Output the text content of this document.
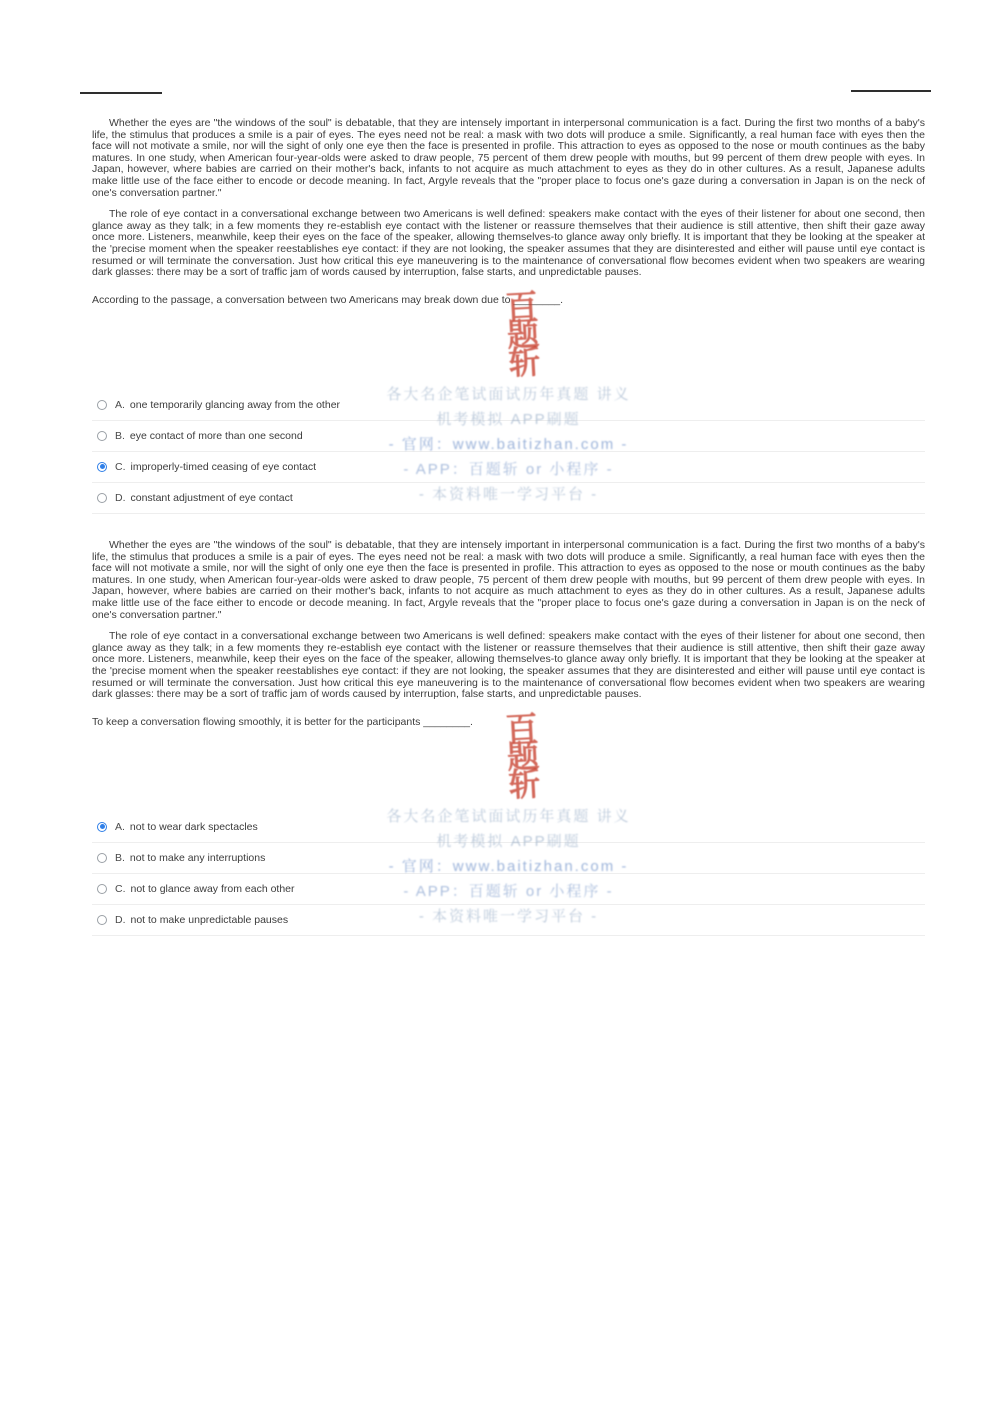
百题斩
各大名企笔试面试历年真题 讲义
机考模拟 APP刷题
- 官网：www.baitizhan.com -
- APP：百题斩 or 小程序 -
- 本资料唯一学习平台 -

Whether the eyes are "the windows of the soul" is debatable, that they are intensely important in interpersonal communication is a fact. During the first two months of a baby's life, the stimulus that produces a smile is a pair of eyes. The eyes need not be real: a mask with two dots will produce a smile. Significantly, a real human face with eyes then the face will not motivate a smile, nor will the sight of only one eye then the face is presented in profile. This attraction to eyes as opposed to the nose or mouth continues as the baby matures. In one study, when American four-year-olds were asked to draw people, 75 percent of them drew people with mouths, but 99 percent of them drew people with eyes. In Japan, however, where babies are carried on their mother's back, infants to not acquire as much attachment to eyes as they do in other cultures. As a result, Japanese adults make little use of the face either to encode or decode meaning. In fact, Argyle reveals that the "proper place to focus one's gaze during a conversation in Japan is on the neck of one's conversation partner."

The role of eye contact in a conversational exchange between two Americans is well defined: speakers make contact with the eyes of their listener for about one second, then glance away as they talk; in a few moments they re-establish eye contact with the listener or reassure themselves that their audience is still attentive, then shift their gaze away once more. Listeners, meanwhile, keep their eyes on the face of the speaker, allowing themselves-to glance away only briefly. It is important that they be looking at the speaker at the 'precise moment when the speaker reestablishes eye contact: if they are not looking, the speaker assumes that they are disinterested and either will pause until eye contact is resumed or will terminate the conversation. Just how critical this eye maneuvering is to the maintenance of conversational flow becomes evident when two speakers are wearing dark glasses: there may be a sort of traffic jam of words caused by interruption, false starts, and unpredictable pauses.

According to the passage, a conversation between two Americans may break down due to ________.

A. one temporarily glancing away from the other
B. eye contact of more than one second
C. improperly-timed ceasing of eye contact
D. constant adjustment of eye contact
百题斩
各大名企笔试面试历年真题 讲义
机考模拟 APP刷题
- 官网：www.baitizhan.com -
- APP：百题斩 or 小程序 -
- 本资料唯一学习平台 -

Whether the eyes are "the windows of the soul" is debatable, that they are intensely important in interpersonal communication is a fact. During the first two months of a baby's life, the stimulus that produces a smile is a pair of eyes. The eyes need not be real: a mask with two dots will produce a smile. Significantly, a real human face with eyes then the face will not motivate a smile, nor will the sight of only one eye then the face is presented in profile. This attraction to eyes as opposed to the nose or mouth continues as the baby matures. In one study, when American four-year-olds were asked to draw people, 75 percent of them drew people with mouths, but 99 percent of them drew people with eyes. In Japan, however, where babies are carried on their mother's back, infants to not acquire as much attachment to eyes as they do in other cultures. As a result, Japanese adults make little use of the face either to encode or decode meaning. In fact, Argyle reveals that the "proper place to focus one's gaze during a conversation in Japan is on the neck of one's conversation partner."

The role of eye contact in a conversational exchange between two Americans is well defined: speakers make contact with the eyes of their listener for about one second, then glance away as they talk; in a few moments they re-establish eye contact with the listener or reassure themselves that their audience is still attentive, then shift their gaze away once more. Listeners, meanwhile, keep their eyes on the face of the speaker, allowing themselves-to glance away only briefly. It is important that they be looking at the speaker at the 'precise moment when the speaker reestablishes eye contact: if they are not looking, the speaker assumes that they are disinterested and either will pause until eye contact is resumed or will terminate the conversation. Just how critical this eye maneuvering is to the maintenance of conversational flow becomes evident when two speakers are wearing dark glasses: there may be a sort of traffic jam of words caused by interruption, false starts, and unpredictable pauses.

To keep a conversation flowing smoothly, it is better for the participants ________.

A. not to wear dark spectacles
B. not to make any interruptions
C. not to glance away from each other
D. not to make unpredictable pauses
